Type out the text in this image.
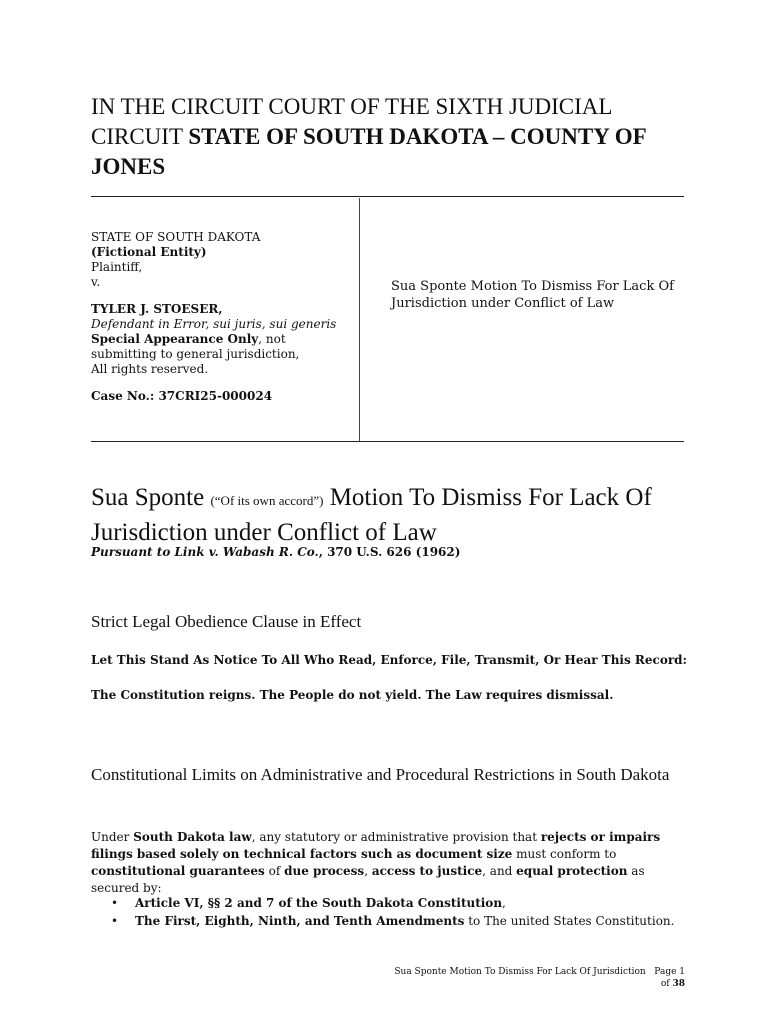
IN THE CIRCUIT COURT OF THE SIXTH JUDICIAL CIRCUIT STATE OF SOUTH DAKOTA – COUNTY OF JONES
STATE OF SOUTH DAKOTA
(Fictional Entity)
Plaintiff,
v.
TYLER J. STOESER,
Defendant in Error, sui juris, sui generis
Special Appearance Only, not submitting to general jurisdiction,
All rights reserved.
Case No.: 37CRI25-000024
Sua Sponte Motion To Dismiss For Lack Of Jurisdiction under Conflict of Law
Sua Sponte (“Of its own accord”) Motion To Dismiss For Lack Of Jurisdiction under Conflict of Law
Pursuant to Link v. Wabash R. Co., 370 U.S. 626 (1962)
Strict Legal Obedience Clause in Effect
Let This Stand As Notice To All Who Read, Enforce, File, Transmit, Or Hear This Record:
The Constitution reigns. The People do not yield. The Law requires dismissal.
Constitutional Limits on Administrative and Procedural Restrictions in South Dakota
Under South Dakota law, any statutory or administrative provision that rejects or impairs filings based solely on technical factors such as document size must conform to constitutional guarantees of due process, access to justice, and equal protection as secured by:
• Article VI, §§ 2 and 7 of the South Dakota Constitution,
• The First, Eighth, Ninth, and Tenth Amendments to The united States Constitution.
Sua Sponte Motion To Dismiss For Lack Of Jurisdiction Page 1 of 38
